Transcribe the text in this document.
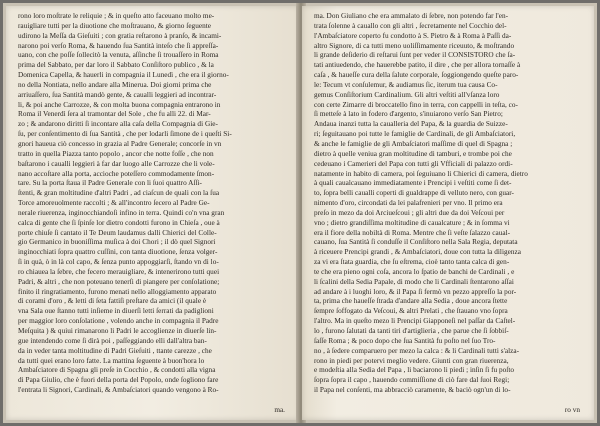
rono loro moſtrate le reliquie ; & in queſto atto faceuano molto me-
rauigliare tutti per la diuotione che moſtrauano, & giorno ſeguente
udirono la Meſſa da Gieſuiti ; con gratia reſtarono à pranſo, & incami-
narono poi verſo Roma, & hauendo ſua Santità inteſo che ſi appreſſa-
uano, con che poſſe ſollecitò la venuta, aſſinche ſi trouaſſero in Roma
prima del Sabbato, per dar loro il Sabbato Conſiſtoro publico , & la
Domenica Capella, & hauerli in compagnia il Lunedì , che era il giorno-
no della Nontiata, nello andare alla Minerua. Doi giorni prima che
arriuaſſero, ſua Santità mandò gente, & caualli leggieri ad incontrar-
li, & poi anche Carrozze, & con molta buona compagnia entrarono in
Roma il Venerdì ſera al tramontar del Sole , che fu alli 22. di Mar-
zo ; & andarono diritti ſi incontare alla caſa della Compagnia di Gie-
ſu, per conſentimento di ſua Santità , che per lodarli ſimone de i queſti Si-
gnori haueua ciò concesso in grazia al Padre Generale; concorſe in vn
tratto in quella Piazza tanto popolo , ancor che notte foſſe , che non
baſtarono i caualli leggieri à far dar luogo alle Carrozze che li vole-
nano accoſtare alla porta, accioche poteſſero commodamente ſmon-
tare. Su la porta ſtaua il Padre Generale con li ſuoi quattro Aſſi-
ſtenti, & gran moltitudine d'altri Padri , ad ciaſcun de quali con la ſua
Torce amoreuolmente raccolti ; & all'incontro ſecero al Padre Ge-
nerale riuerenza, inginocchiandoſi infino in terra. Quindi co'n vna gran
calca di gente che ſi ſpinſe lor dietro condotti furono in Chieſa , oue à
porte chiuſe ſi cantato il Te Deum laudamus dalli Chierici del Colle-
gio Germanico in buoniſſima muſica à doi Chori ; il dò quel Signori
inginocchiati ſopra quattro cuſſini, con tanta diuotione, ſenza volger-
ſi in quà, ò in là col capo, & ſenza punto appoggiarſi, ſtando vn di lo-
ro chiauea la ſebre, che fecero merauigliare, & intenerirono tutti quei
Padri, & altri , che non poteuano tenerſi di piangere per conſolatione;
finito il ringratiamento, furono menati nello alloggiamento apparato
di corami d'oro , & letti di ſeta fattiſi preſtare da amici (il quale è
vna Sala oue ſtanno tutti inſieme in diuerſi letti ſerrati da padiglioni
per maggior loro conſolatione , volendo anche in compagnia il Padre
Meſquita ) & quiui rimanarono li Padri le accoglienze in diuerſe lin-
gue intendendo come ſi dirà poi , paſſeggiando elli dall'altra ban-
da in veder tanta moltitudine di Padri Gieſuiti , ttante carezze , che
da tutti quei erano loro fatte. La mattina ſeguente à buon'hora lo
Ambaſciatore di Spagna gli preſe in Cocchio , & condotti alla vigna
di Papa Giulio, che è fuori della porta del Popolo, onde ſogliono fare
l'entrata li Signori, Cardinali, & Ambaſciatori quando vengono à Ro-
ma.
ma. Don Giuliano che era ammalato di ſebre, non potendo far l'en-
trata ſolenne à cauallo con gli altri , ſecretamente nel Cocchio del-
l'Ambaſciatore coperto fu condotto à S. Pietro & à Roma à Paſſi da-
altro Signore, di ca tutti meno uoliſſimamente riceuuto, & moſtrando
li grande deſiderio di reſtarui ſunt per veder il CONSISTORO che ſa-
tati antiuedendo, che hauerebbe patito, il dire , che per allora tornaſſe à
caſa , & haueſſe cura della ſalute corporale, ſoggiongendo queſte paro-
le: Tecum vt conſulemur, & audiamus ſic, iterum tua causa Co-
gemus Conſiſtorium Cardinalium. Gli altri veſtiti all'vſanza loro
con certe Zimarre di broccatello fino in terra, con cappelli in teſta, co-
ſi metteſe à lato in fodero d'argento, s'inuiarono verſo San Pietro;
Andaua inanzi tutta la caualleria del Papa, & la guardia de Suizze-
ri; ſeguitauano poi tutte le famiglie de Cardinali, de gli Ambaſciatori,
& anche le famiglie de gli Ambaſciatori maſſime di quel di Spagna ;
dietro à quelle veniua gran moltitudine di tamburi, e trombe poi che
cedeuano i Camerieri del Papa con tutti gli Vfficiali di palazzo ordi-
natamente in habito di camera, poi ſeguiuano li Chierici di camera, dietro
à quali caualcauano immediatamente i Prencipi i veſtiti come ſi det-
to, ſopra belli caualli coperti di gualdrappe di velluto nero, con guar-
nimento d'oro, circondati da lei palafrenieri per vno. Il primo era
preſo in mezo da doi Arciueſcoui ; gli altri due da doi Veſcoui per
vno ; dietro grandiſſima moltitudine di caualcature ; & in ſomma vi
era il fiore della nobiltà di Roma. Mentre che ſi veſte ſalazzo caual-
cauano, ſua Santità ſi conduſſe il Conſiſtoro nella Sala Regia, deputata
à riceuere Prencipi grandi , & Ambaſciatori, doue con tutta la diligenza
za vi era ſtata guardia, che ſu eſtrema, cioè tanto tanta calca di gen-
te che era pieno ogni coſa, ancora lo ſpatio de banchi de Cardinali , e
li ſcalini della Sedia Papale, di modo che li Cardinali ſtentarono aſſai
ad andare à i luoghi loro, & il Papa ſi fermò vn pezzo appreſſo la por-
ta, prima che haueſſe ſtrada d'andare alla Sedia , doue ancora ſtette
ſempre ſoffogato da Veſcoui, & altri Prelati , che ſtauano vno ſopra
l'altro. Ma in queſto mezo li Prencipi Giapponeſi nel paſſar da Caſtel-
lo , furono ſalutati da tanti tiri d'artiglieria , che parue che ſi ſobbiſ-
ſaſſe Roma ; & poco dopo che ſua Santità fu poſto nel ſuo Tro-
no , à ſedere comparuero per mezo la calca : & li Cardinali tutti s'alza-
rono in piedi per potervi meglio vedere. Giunti con gran riuerenza,
e modeſtia alla Sedia del Papa , li baciarono li piedi ; inſin ſi fu poſto
ſopra ſopra il capo , hauendo commiſſione di ciò fare dal ſuoi Regi;
il Papa nel conſenti, ma abbracciò caramente, & baciò ogn'un di lo-
ro vn
